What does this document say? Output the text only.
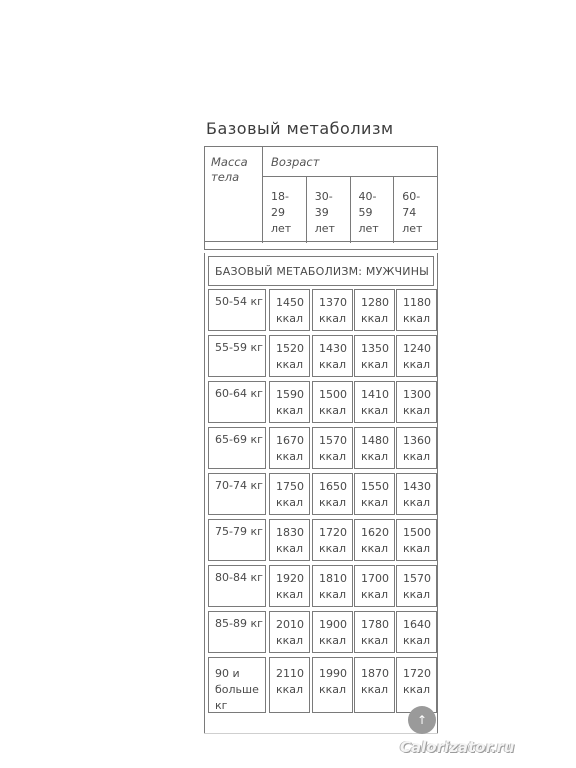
Базовый метаболизм
Масса тела
Возраст
18-
29
лет
30-
39
лет
40-
59
лет
60-
74
лет
БАЗОВЫЙ МЕТАБОЛИЗМ: МУЖЧИНЫ
50-54 кг 1450
ккал
1370
ккал
1280
ккал
1180
ккал
55-59 кг 1520
ккал
1430
ккал
1350
ккал
1240
ккал
60-64 кг 1590
ккал
1500
ккал
1410
ккал
1300
ккал
65-69 кг 1670
ккал
1570
ккал
1480
ккал
1360
ккал
70-74 кг 1750
ккал
1650
ккал
1550
ккал
1430
ккал
75-79 кг 1830
ккал
1720
ккал
1620
ккал
1500
ккал
80-84 кг 1920
ккал
1810
ккал
1700
ккал
1570
ккал
85-89 кг 2010
ккал
1900
ккал
1780
ккал
1640
ккал
90 и
больше
кг
2110
ккал
1990
ккал
1870
ккал
1720
ккал
↑
Calorizator.ru
